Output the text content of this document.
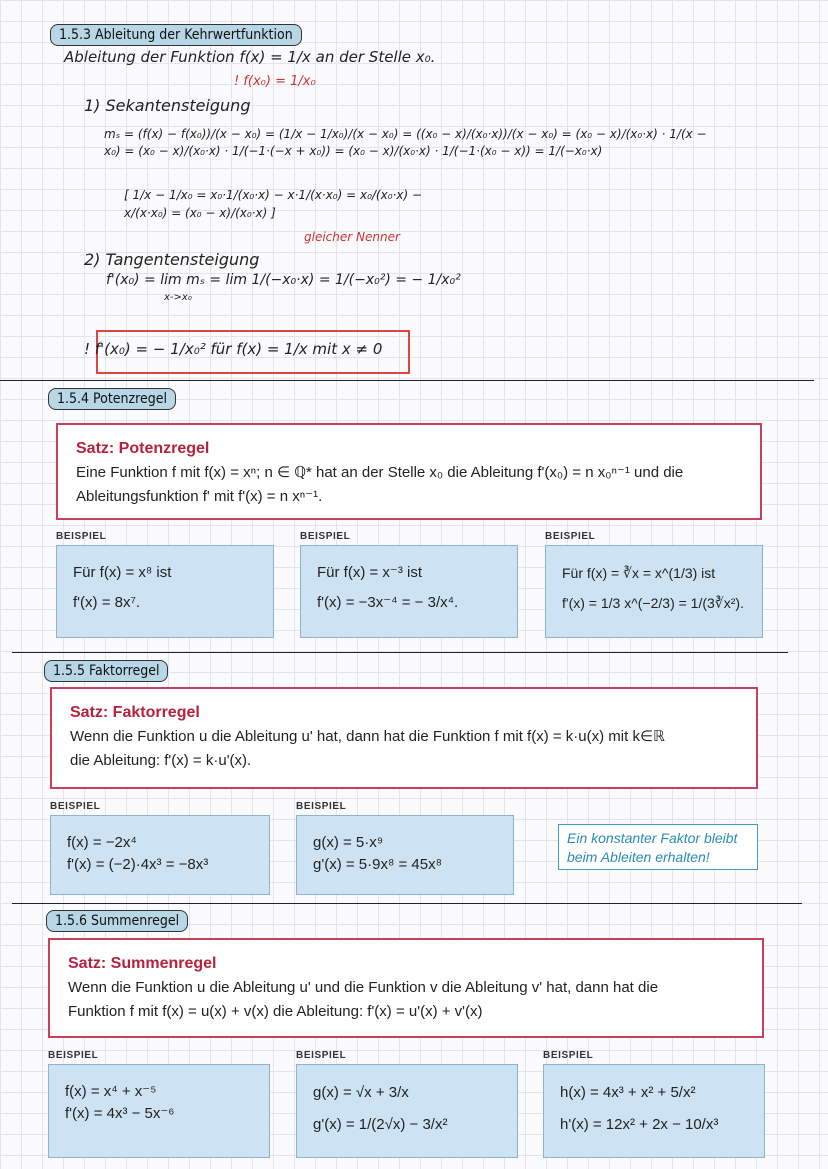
1.5.3 Ableitung der Kehrwertfunktion
Ableitung der Funktion f(x) = 1/x an der Stelle x₀.
! f(x₀) = 1/x₀
1) Sekantensteigung
mₛ = (f(x) − f(x₀))/(x − x₀) = (1/x − 1/x₀)/(x − x₀) = ((x₀ − x)/(x₀·x))/(x − x₀) = (x₀ − x)/(x₀·x) · 1/(x − x₀) = (x₀ − x)/(x₀·x) · 1/(−1·(−x + x₀)) = (x₀ − x)/(x₀·x) · 1/(−1·(x₀ − x)) = 1/(−x₀·x)
[ 1/x − 1/x₀ = x₀·1/(x₀·x) − x·1/(x·x₀) = x₀/(x₀·x) − x/(x·x₀) = (x₀ − x)/(x₀·x) ]
gleicher Nenner
2) Tangentensteigung
f'(x₀) = lim mₛ = lim 1/(−x₀·x) = 1/(−x₀²) = − 1/x₀²
x->x₀
! f'(x₀) = − 1/x₀² für f(x) = 1/x mit x ≠ 0
1.5.4 Potenzregel
Satz: Potenzregel
Eine Funktion f mit f(x) = xⁿ; n ∈ ℚ* hat an der Stelle x₀ die Ableitung f'(x₀) = n x₀ⁿ⁻¹ und die
Ableitungsfunktion f' mit f'(x) = n xⁿ⁻¹.
BEISPIEL
Für f(x) = x⁸ ist
f'(x) = 8x⁷.
BEISPIEL
Für f(x) = x⁻³ ist
f'(x) = −3x⁻⁴ = − 3/x⁴.
BEISPIEL
Für f(x) = ∛x = x^(1/3) ist
f'(x) = 1/3 x^(−2/3) = 1/(3∛x²).
1.5.5 Faktorregel
Satz: Faktorregel
Wenn die Funktion u die Ableitung u' hat, dann hat die Funktion f mit f(x) = k·u(x) mit k∈ℝ
die Ableitung: f'(x) = k·u'(x).
BEISPIEL
f(x) = −2x⁴
f'(x) = (−2)·4x³ = −8x³
BEISPIEL
g(x) = 5·x⁹
g'(x) = 5·9x⁸ = 45x⁸
Ein konstanter Faktor bleibt beim Ableiten erhalten!
1.5.6 Summenregel
Satz: Summenregel
Wenn die Funktion u die Ableitung u' und die Funktion v die Ableitung v' hat, dann hat die
Funktion f mit f(x) = u(x) + v(x) die Ableitung: f'(x) = u'(x) + v'(x)
BEISPIEL
f(x) = x⁴ + x⁻⁵
f'(x) = 4x³ − 5x⁻⁶
BEISPIEL
g(x) = √x + 3/x
g'(x) = 1/(2√x) − 3/x²
BEISPIEL
h(x) = 4x³ + x² + 5/x²
h'(x) = 12x² + 2x − 10/x³
